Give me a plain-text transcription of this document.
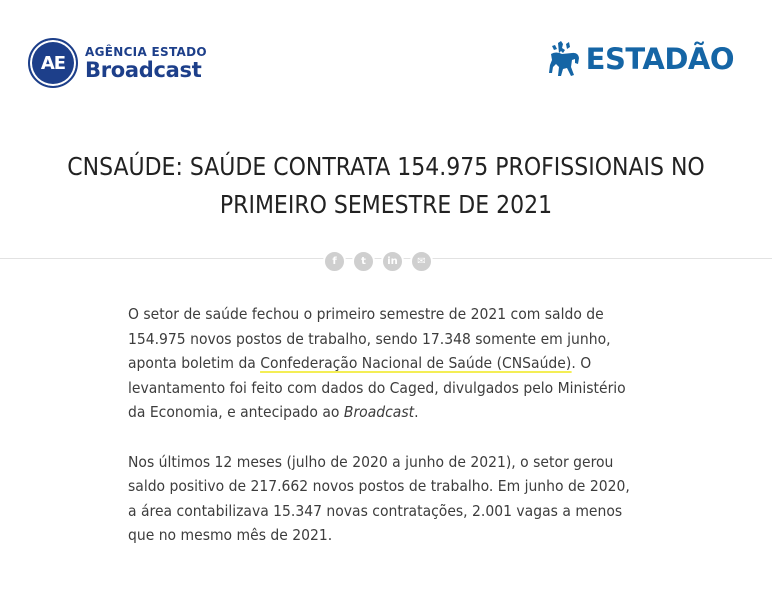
AE
AGÊNCIA ESTADO
Broadcast	ESTADÃO
CNSAÚDE: SAÚDE CONTRATA 154.975 PROFISSIONAIS NO
PRIMEIRO SEMESTRE DE 2021
f	t	in	✉

O setor de saúde fechou o primeiro semestre de 2021 com saldo de 154.975 novos postos de trabalho, sendo 17.348 somente em junho, aponta boletim da Confederação Nacional de Saúde (CNSaúde). O levantamento foi feito com dados do Caged, divulgados pelo Ministério da Economia, e antecipado ao Broadcast.

Nos últimos 12 meses (julho de 2020 a junho de 2021), o setor gerou saldo positivo de 217.662 novos postos de trabalho. Em junho de 2020, a área contabilizava 15.347 novas contratações, 2.001 vagas a menos que no mesmo mês de 2021.
